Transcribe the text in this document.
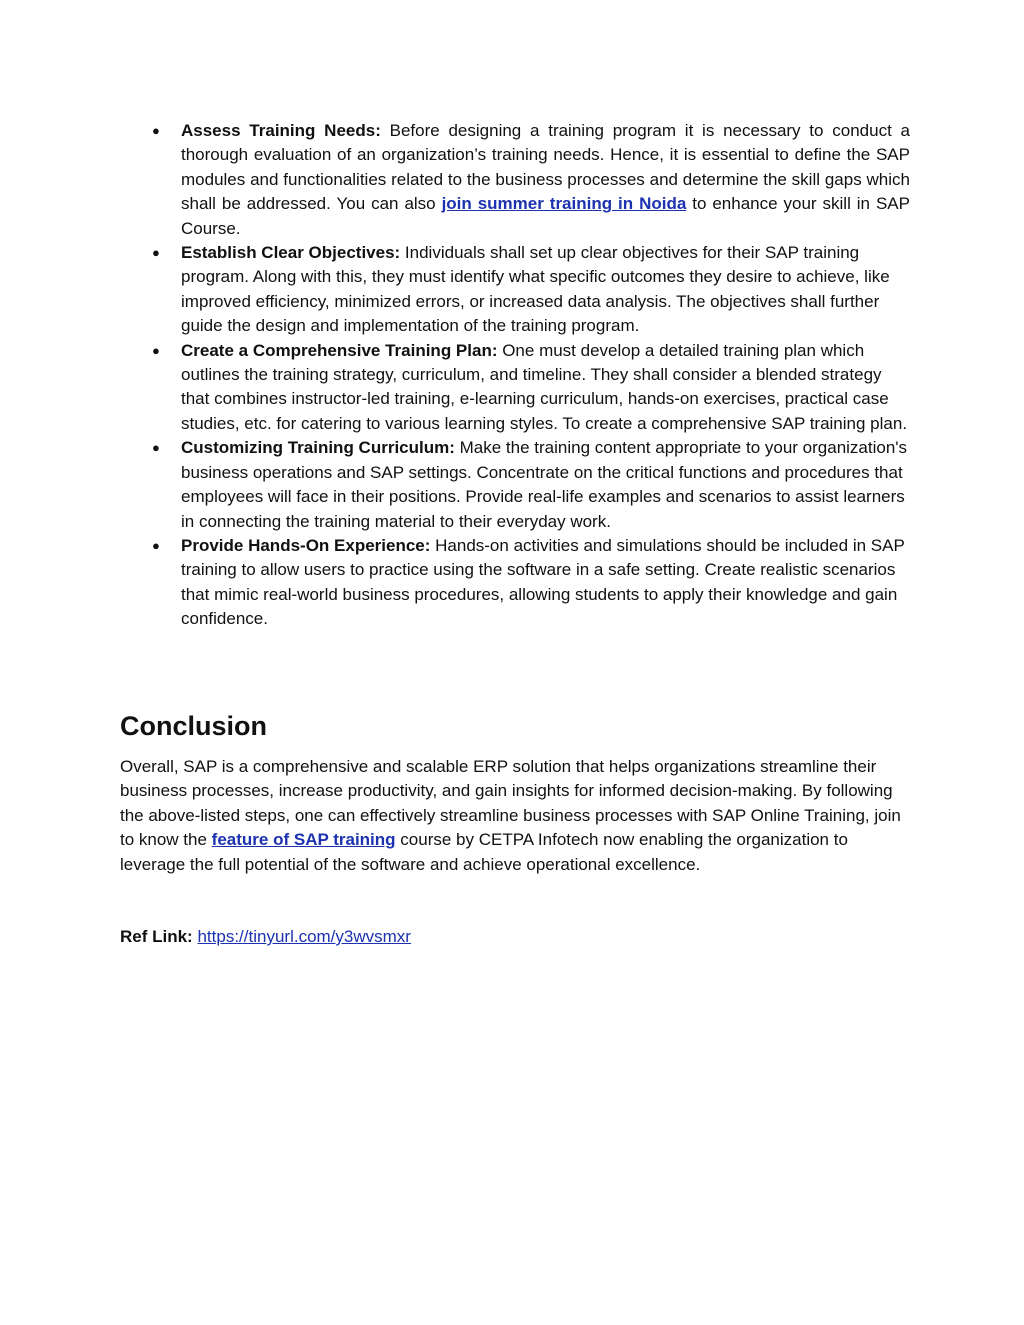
● Assess Training Needs: Before designing a training program it is necessary to conduct a thorough evaluation of an organization’s training needs. Hence, it is essential to define the SAP modules and functionalities related to the business processes and determine the skill gaps which shall be addressed. You can also join summer training in Noida to enhance your skill in SAP Course.
● Establish Clear Objectives: Individuals shall set up clear objectives for their SAP training program. Along with this, they must identify what specific outcomes they desire to achieve, like improved efficiency, minimized errors, or increased data analysis. The objectives shall further guide the design and implementation of the training program.
● Create a Comprehensive Training Plan: One must develop a detailed training plan which outlines the training strategy, curriculum, and timeline. They shall consider a blended strategy that combines instructor-led training, e-learning curriculum, hands-on exercises, practical case studies, etc. for catering to various learning styles. To create a comprehensive SAP training plan.
● Customizing Training Curriculum: Make the training content appropriate to your organization's business operations and SAP settings. Concentrate on the critical functions and procedures that employees will face in their positions. Provide real-life examples and scenarios to assist learners in connecting the training material to their everyday work.
● Provide Hands-On Experience: Hands-on activities and simulations should be included in SAP training to allow users to practice using the software in a safe setting. Create realistic scenarios that mimic real-world business procedures, allowing students to apply their knowledge and gain confidence.
Conclusion

Overall, SAP is a comprehensive and scalable ERP solution that helps organizations streamline their business processes, increase productivity, and gain insights for informed decision-making. By following the above-listed steps, one can effectively streamline business processes with SAP Online Training, join to know the feature of SAP training course by CETPA Infotech now enabling the organization to leverage the full potential of the software and achieve operational excellence.

Ref Link: https://tinyurl.com/y3wvsmxr
